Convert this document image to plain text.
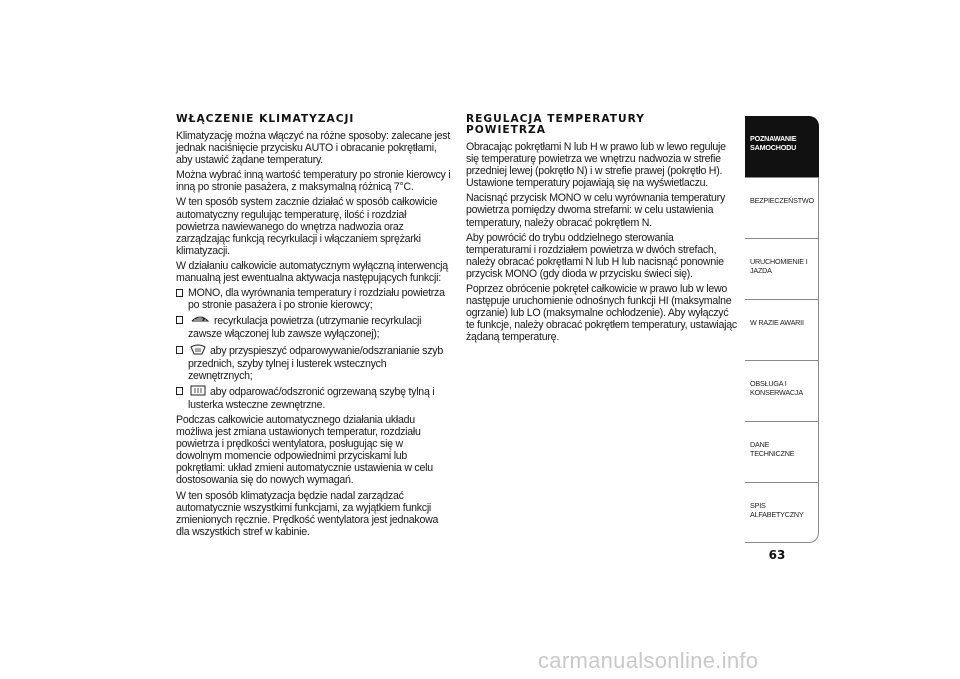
WŁĄCZENIE KLIMATYZACJI

Klimatyzację można włączyć na różne sposoby: zalecane jest jednak naciśnięcie przycisku AUTO i obracanie pokrętłami, aby ustawić żądane temperatury.

Można wybrać inną wartość temperatury po stronie kierowcy i inną po stronie pasażera, z maksymalną różnicą 7°C.

W ten sposób system zacznie działać w sposób całkowicie automatyczny regulując temperaturę, ilość i rozdział powietrza nawiewanego do wnętrza nadwozia oraz zarządzając funkcją recyrkulacji i włączaniem sprężarki klimatyzacji.

W działaniu całkowicie automatycznym wyłączną interwencją manualną jest ewentualna aktywacja następujących funkcji:

MONO, dla wyrównania temperatury i rozdziału powietrza po stronie pasażera i po stronie kierowcy;
recyrkulacja powietrza (utrzymanie recyrkulacji zawsze włączonej lub zawsze wyłączonej);
aby przyspieszyć odparowywanie/odszranianie szyb przednich, szyby tylnej i lusterek wstecznych zewnętrznych;
aby odparować/odszronić ogrzewaną szybę tylną i lusterka wsteczne zewnętrzne.

Podczas całkowicie automatycznego działania układu możliwa jest zmiana ustawionych temperatur, rozdziału powietrza i prędkości wentylatora, posługując się w dowolnym momencie odpowiednimi przyciskami lub pokrętłami: układ zmieni automatycznie ustawienia w celu dostosowania się do nowych wymagań.

W ten sposób klimatyzacja będzie nadal zarządzać automatycznie wszystkimi funkcjami, za wyjątkiem funkcji zmienionych ręcznie. Prędkość wentylatora jest jednakowa dla wszystkich stref w kabinie.

REGULACJA TEMPERATURY
POWIETRZA

Obracając pokrętłami N lub H w prawo lub w lewo reguluje się temperaturę powietrza we wnętrzu nadwozia w strefie przedniej lewej (pokrętło N) i w strefie prawej (pokrętło H). Ustawione temperatury pojawiają się na wyświetlaczu.

Nacisnąć przycisk MONO w celu wyrównania temperatury powietrza pomiędzy dwoma strefami: w celu ustawienia temperatury, należy obracać pokrętłem N.

Aby powrócić do trybu oddzielnego sterowania temperaturami i rozdziałem powietrza w dwóch strefach, należy obracać pokrętłami N lub H lub nacisnąć ponownie przycisk MONO (gdy dioda w przycisku świeci się).

Poprzez obrócenie pokręteł całkowicie w prawo lub w lewo następuje uruchomienie odnośnych funkcji HI (maksymalne ogrzanie) lub LO (maksymalne ochłodzenie). Aby wyłączyć te funkcje, należy obracać pokrętłem temperatury, ustawiając żądaną temperaturę.

POZNAWANIE SAMOCHODU
BEZPIECZEŃSTWO
URUCHOMIENIE I JAZDA
W RAZIE AWARII
OBSŁUGA I KONSERWACJA
DANE TECHNICZNE
SPIS ALFABETYCZNY
63
carmanualsonline.info
